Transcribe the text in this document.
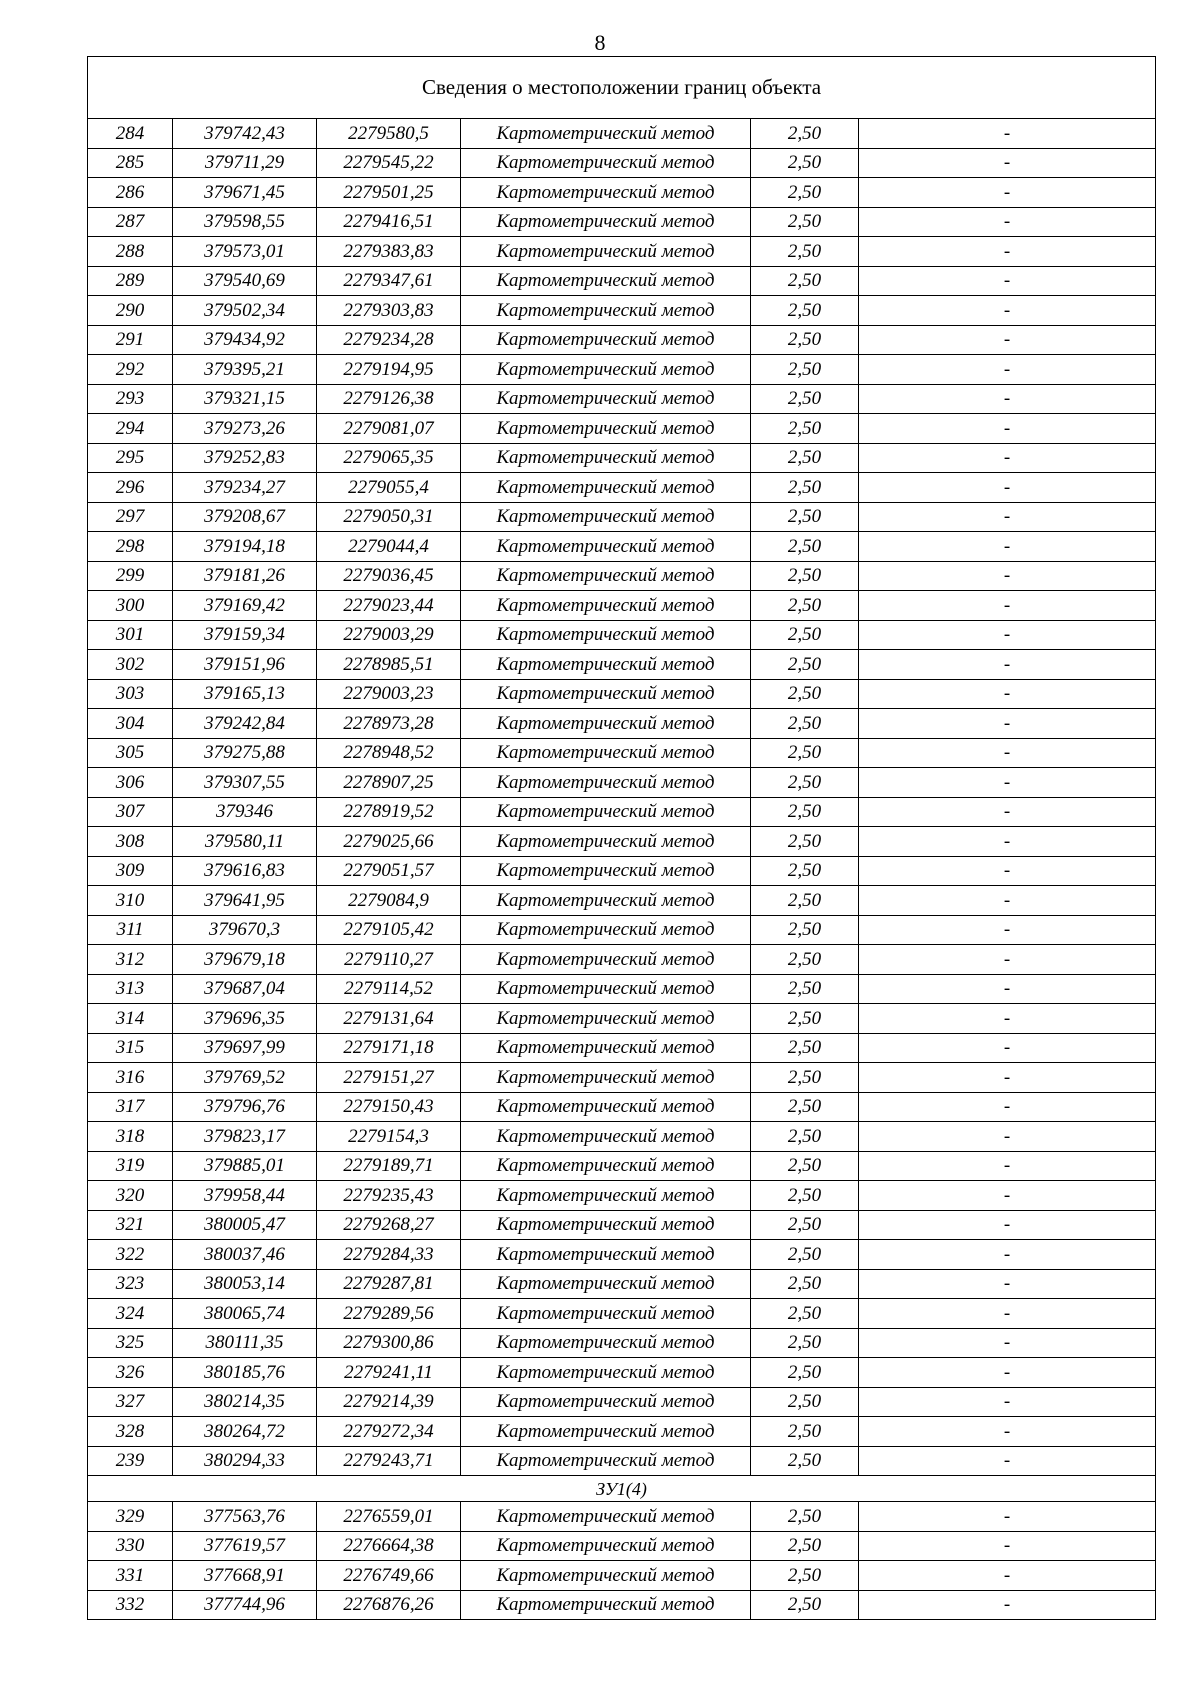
8
Сведения о местоположении границ объекта					
284	379742,43	2279580,5	Картометрический метод	2,50	-
285	379711,29	2279545,22	Картометрический метод	2,50	-
286	379671,45	2279501,25	Картометрический метод	2,50	-
287	379598,55	2279416,51	Картометрический метод	2,50	-
288	379573,01	2279383,83	Картометрический метод	2,50	-
289	379540,69	2279347,61	Картометрический метод	2,50	-
290	379502,34	2279303,83	Картометрический метод	2,50	-
291	379434,92	2279234,28	Картометрический метод	2,50	-
292	379395,21	2279194,95	Картометрический метод	2,50	-
293	379321,15	2279126,38	Картометрический метод	2,50	-
294	379273,26	2279081,07	Картометрический метод	2,50	-
295	379252,83	2279065,35	Картометрический метод	2,50	-
296	379234,27	2279055,4	Картометрический метод	2,50	-
297	379208,67	2279050,31	Картометрический метод	2,50	-
298	379194,18	2279044,4	Картометрический метод	2,50	-
299	379181,26	2279036,45	Картометрический метод	2,50	-
300	379169,42	2279023,44	Картометрический метод	2,50	-
301	379159,34	2279003,29	Картометрический метод	2,50	-
302	379151,96	2278985,51	Картометрический метод	2,50	-
303	379165,13	2279003,23	Картометрический метод	2,50	-
304	379242,84	2278973,28	Картометрический метод	2,50	-
305	379275,88	2278948,52	Картометрический метод	2,50	-
306	379307,55	2278907,25	Картометрический метод	2,50	-
307	379346	2278919,52	Картометрический метод	2,50	-
308	379580,11	2279025,66	Картометрический метод	2,50	-
309	379616,83	2279051,57	Картометрический метод	2,50	-
310	379641,95	2279084,9	Картометрический метод	2,50	-
311	379670,3	2279105,42	Картометрический метод	2,50	-
312	379679,18	2279110,27	Картометрический метод	2,50	-
313	379687,04	2279114,52	Картометрический метод	2,50	-
314	379696,35	2279131,64	Картометрический метод	2,50	-
315	379697,99	2279171,18	Картометрический метод	2,50	-
316	379769,52	2279151,27	Картометрический метод	2,50	-
317	379796,76	2279150,43	Картометрический метод	2,50	-
318	379823,17	2279154,3	Картометрический метод	2,50	-
319	379885,01	2279189,71	Картометрический метод	2,50	-
320	379958,44	2279235,43	Картометрический метод	2,50	-
321	380005,47	2279268,27	Картометрический метод	2,50	-
322	380037,46	2279284,33	Картометрический метод	2,50	-
323	380053,14	2279287,81	Картометрический метод	2,50	-
324	380065,74	2279289,56	Картометрический метод	2,50	-
325	380111,35	2279300,86	Картометрический метод	2,50	-
326	380185,76	2279241,11	Картометрический метод	2,50	-
327	380214,35	2279214,39	Картометрический метод	2,50	-
328	380264,72	2279272,34	Картометрический метод	2,50	-
239	380294,33	2279243,71	Картометрический метод	2,50	-
ЗУ1(4)					
329	377563,76	2276559,01	Картометрический метод	2,50	-
330	377619,57	2276664,38	Картометрический метод	2,50	-
331	377668,91	2276749,66	Картометрический метод	2,50	-
332	377744,96	2276876,26	Картометрический метод	2,50	-
